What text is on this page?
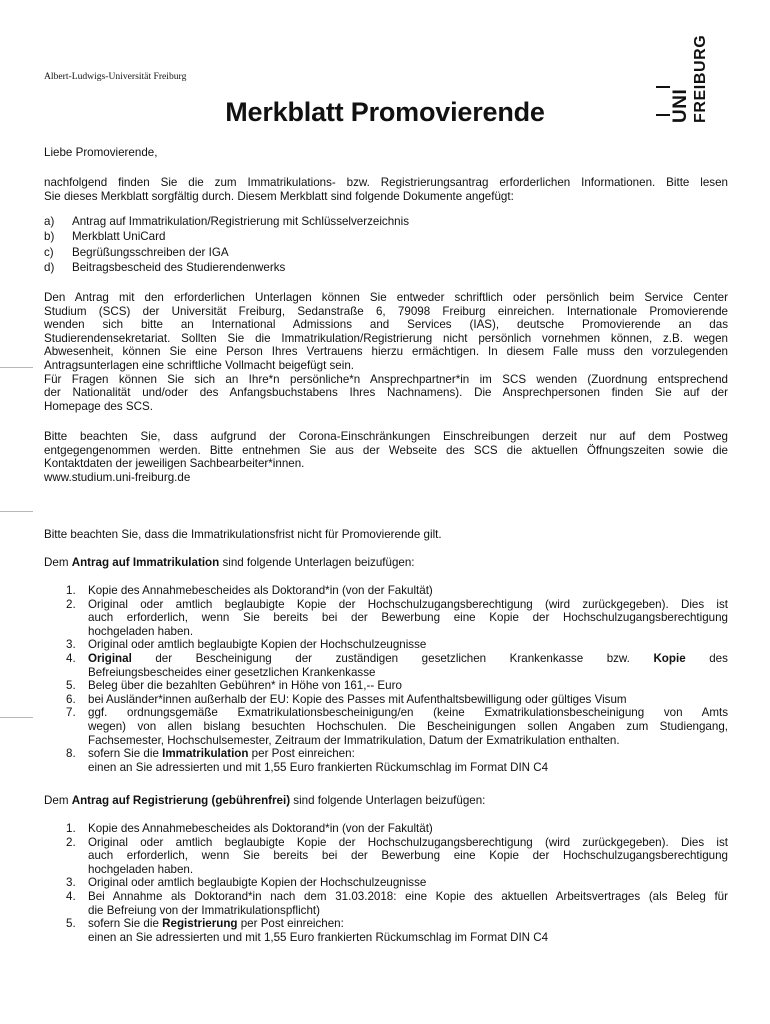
Albert-Ludwigs-Universität Freiburg
UNI FREIBURG
Merkblatt Promovierende
Liebe Promovierende,
nachfolgend finden Sie die zum Immatrikulations- bzw. Registrierungsantrag erforderlichen Informationen. Bitte lesen
Sie dieses Merkblatt sorgfältig durch. Diesem Merkblatt sind folgende Dokumente angefügt:
a) Antrag auf Immatrikulation/Registrierung mit Schlüsselverzeichnis
b) Merkblatt UniCard
c) Begrüßungsschreiben der IGA
d) Beitragsbescheid des Studierendenwerks
Den Antrag mit den erforderlichen Unterlagen können Sie entweder schriftlich oder persönlich beim Service Center
Studium (SCS) der Universität Freiburg, Sedanstraße 6, 79098 Freiburg einreichen. Internationale Promovierende
wenden sich bitte an International Admissions and Services (IAS), deutsche Promovierende an das
Studierendensekretariat. Sollten Sie die Immatrikulation/Registrierung nicht persönlich vornehmen können, z.B. wegen
Abwesenheit, können Sie eine Person Ihres Vertrauens hierzu ermächtigen. In diesem Falle muss den vorzulegenden
Antragsunterlagen eine schriftliche Vollmacht beigefügt sein.
Für Fragen können Sie sich an Ihre*n persönliche*n Ansprechpartner*in im SCS wenden (Zuordnung entsprechend
der Nationalität und/oder des Anfangsbuchstabens Ihres Nachnamens). Die Ansprechpersonen finden Sie auf der
Homepage des SCS.
Bitte beachten Sie, dass aufgrund der Corona-Einschränkungen Einschreibungen derzeit nur auf dem Postweg
entgegengenommen werden. Bitte entnehmen Sie aus der Webseite des SCS die aktuellen Öffnungszeiten sowie die
Kontaktdaten der jeweiligen Sachbearbeiter*innen.
www.studium.uni-freiburg.de
Bitte beachten Sie, dass die Immatrikulationsfrist nicht für Promovierende gilt.
Dem Antrag auf Immatrikulation sind folgende Unterlagen beizufügen:
1. Kopie des Annahmebescheides als Doktorand*in (von der Fakultät)
2. Original oder amtlich beglaubigte Kopie der Hochschulzugangsberechtigung (wird zurückgegeben). Dies ist
auch erforderlich, wenn Sie bereits bei der Bewerbung eine Kopie der Hochschulzugangsberechtigung
hochgeladen haben.
3. Original oder amtlich beglaubigte Kopien der Hochschulzeugnisse
4. Original der Bescheinigung der zuständigen gesetzlichen Krankenkasse bzw. Kopie des
Befreiungsbescheides einer gesetzlichen Krankenkasse
5. Beleg über die bezahlten Gebühren* in Höhe von 161,-- Euro
6. bei Ausländer*innen außerhalb der EU: Kopie des Passes mit Aufenthaltsbewilligung oder gültiges Visum
7. ggf. ordnungsgemäße Exmatrikulationsbescheinigung/en (keine Exmatrikulationsbescheinigung von Amts
wegen) von allen bislang besuchten Hochschulen. Die Bescheinigungen sollen Angaben zum Studiengang,
Fachsemester, Hochschulsemester, Zeitraum der Immatrikulation, Datum der Exmatrikulation enthalten.
8. sofern Sie die Immatrikulation per Post einreichen:
einen an Sie adressierten und mit 1,55 Euro frankierten Rückumschlag im Format DIN C4
Dem Antrag auf Registrierung (gebührenfrei) sind folgende Unterlagen beizufügen:
1. Kopie des Annahmebescheides als Doktorand*in (von der Fakultät)
2. Original oder amtlich beglaubigte Kopie der Hochschulzugangsberechtigung (wird zurückgegeben). Dies ist
auch erforderlich, wenn Sie bereits bei der Bewerbung eine Kopie der Hochschulzugangsberechtigung
hochgeladen haben.
3. Original oder amtlich beglaubigte Kopien der Hochschulzeugnisse
4. Bei Annahme als Doktorand*in nach dem 31.03.2018: eine Kopie des aktuellen Arbeitsvertrages (als Beleg für
die Befreiung von der Immatrikulationspflicht)
5. sofern Sie die Registrierung per Post einreichen:
einen an Sie adressierten und mit 1,55 Euro frankierten Rückumschlag im Format DIN C4
